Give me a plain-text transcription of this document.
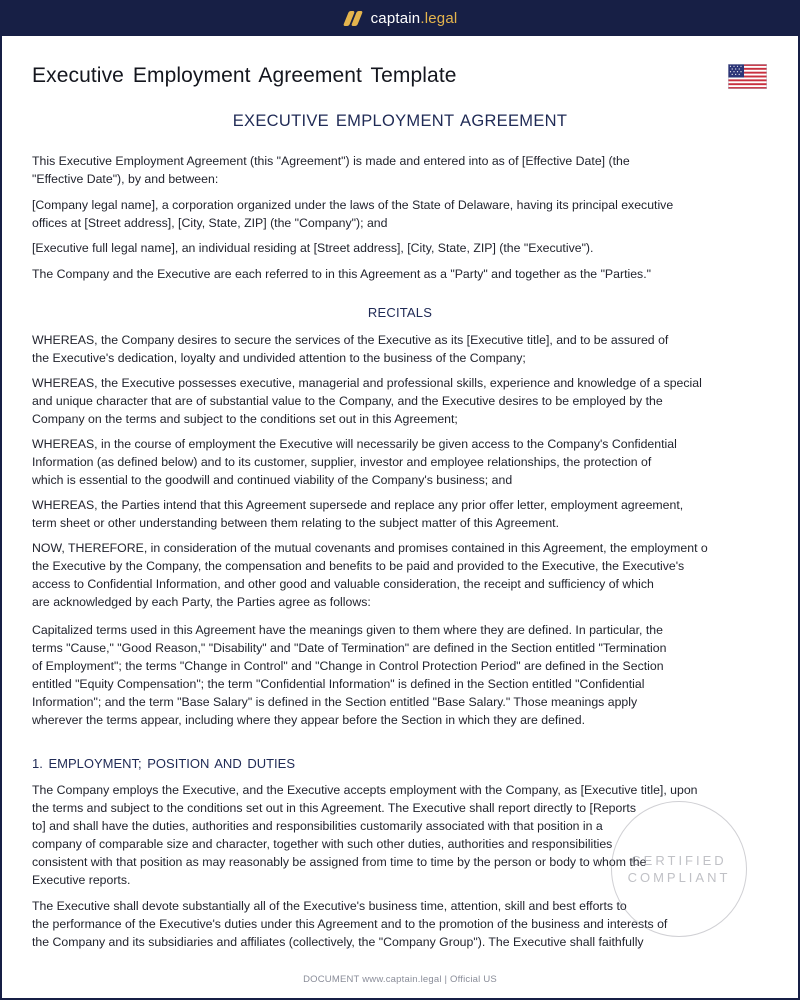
captain.legal
Executive Employment Agreement Template
EXECUTIVE EMPLOYMENT AGREEMENT

This Executive Employment Agreement (this "Agreement") is made and entered into as of [Effective Date] (the
"Effective Date"), by and between:

[Company legal name], a corporation organized under the laws of the State of Delaware, having its principal executive
offices at [Street address], [City, State, ZIP] (the "Company"); and

[Executive full legal name], an individual residing at [Street address], [City, State, ZIP] (the "Executive").

The Company and the Executive are each referred to in this Agreement as a "Party" and together as the "Parties."

RECITALS

WHEREAS, the Company desires to secure the services of the Executive as its [Executive title], and to be assured of
the Executive's dedication, loyalty and undivided attention to the business of the Company;

WHEREAS, the Executive possesses executive, managerial and professional skills, experience and knowledge of a special
and unique character that are of substantial value to the Company, and the Executive desires to be employed by the
Company on the terms and subject to the conditions set out in this Agreement;

WHEREAS, in the course of employment the Executive will necessarily be given access to the Company's Confidential
Information (as defined below) and to its customer, supplier, investor and employee relationships, the protection of
which is essential to the goodwill and continued viability of the Company's business; and

WHEREAS, the Parties intend that this Agreement supersede and replace any prior offer letter, employment agreement,
term sheet or other understanding between them relating to the subject matter of this Agreement.

NOW, THEREFORE, in consideration of the mutual covenants and promises contained in this Agreement, the employment o
the Executive by the Company, the compensation and benefits to be paid and provided to the Executive, the Executive's
access to Confidential Information, and other good and valuable consideration, the receipt and sufficiency of which
are acknowledged by each Party, the Parties agree as follows:

Capitalized terms used in this Agreement have the meanings given to them where they are defined. In particular, the
terms "Cause," "Good Reason," "Disability" and "Date of Termination" are defined in the Section entitled "Termination
of Employment"; the terms "Change in Control" and "Change in Control Protection Period" are defined in the Section
entitled "Equity Compensation"; the term "Confidential Information" is defined in the Section entitled "Confidential
Information"; and the term "Base Salary" is defined in the Section entitled "Base Salary." Those meanings apply
wherever the terms appear, including where they appear before the Section in which they are defined.

1. EMPLOYMENT; POSITION AND DUTIES

The Company employs the Executive, and the Executive accepts employment with the Company, as [Executive title], upon
the terms and subject to the conditions set out in this Agreement. The Executive shall report directly to [Reports
to] and shall have the duties, authorities and responsibilities customarily associated with that position in a
company of comparable size and character, together with such other duties, authorities and responsibilities
consistent with that position as may reasonably be assigned from time to time by the person or body to whom the
Executive reports.

The Executive shall devote substantially all of the Executive's business time, attention, skill and best efforts to
the performance of the Executive's duties under this Agreement and to the promotion of the business and interests of
the Company and its subsidiaries and affiliates (collectively, the "Company Group"). The Executive shall faithfully

CERTIFIED
COMPLIANT
DOCUMENT www.captain.legal | Official US
